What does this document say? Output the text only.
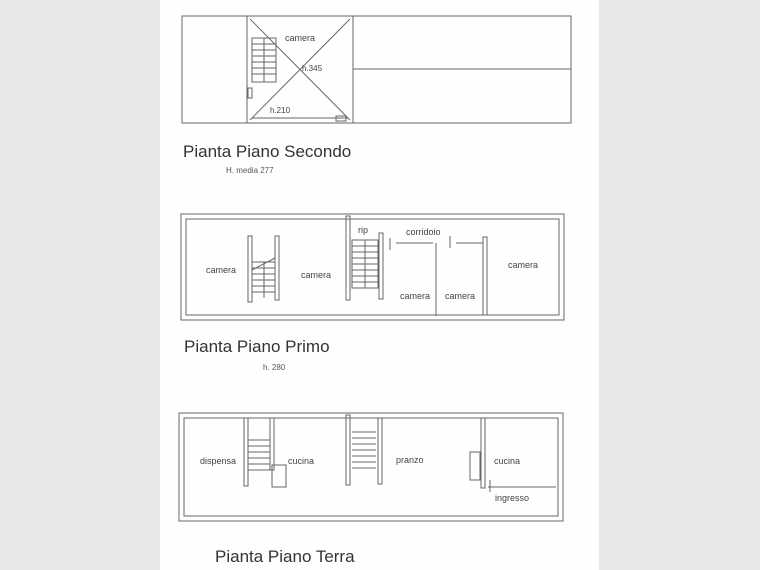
camera
h.345
h.210
Pianta Piano Secondo
H. media 277
camera	camera
rip	corridoio
camera camera
camera
Pianta Piano Primo
h. 280
dispensa	cucina	pranzo	cucina
ingresso
Pianta Piano Terra
